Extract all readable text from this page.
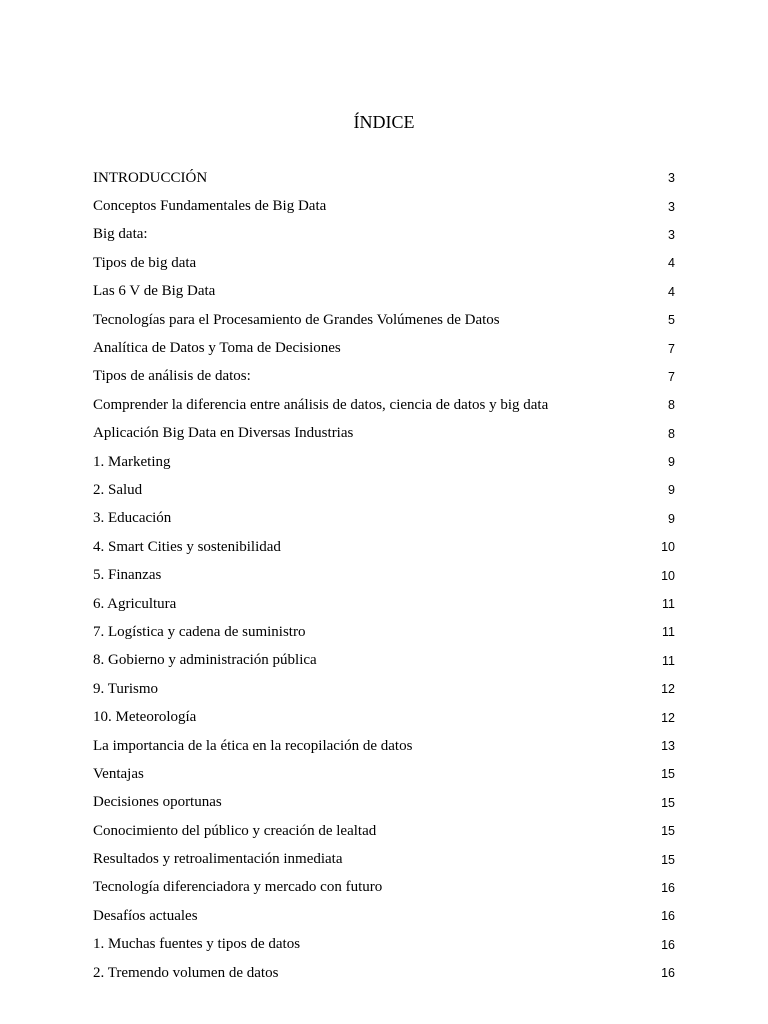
ÍNDICE
INTRODUCCIÓN	3
Conceptos Fundamentales de Big Data	3
Big data:	3
Tipos de big data	4
Las 6 V de Big Data	4
Tecnologías para el Procesamiento de Grandes Volúmenes de Datos	5
Analítica de Datos y Toma de Decisiones	7
Tipos de análisis de datos:	7
Comprender la diferencia entre análisis de datos, ciencia de datos y big data	8
Aplicación Big Data en Diversas Industrias	8
1. Marketing	9
2. Salud	9
3. Educación	9
4. Smart Cities y sostenibilidad	10
5. Finanzas	10
6. Agricultura	11
7. Logística y cadena de suministro	11
8. Gobierno y administración pública	11
9. Turismo	12
10. Meteorología	12
La importancia de la ética en la recopilación de datos	13
Ventajas	15
Decisiones oportunas	15
Conocimiento del público y creación de lealtad	15
Resultados y retroalimentación inmediata	15
Tecnología diferenciadora y mercado con futuro	16
Desafíos actuales	16
1. Muchas fuentes y tipos de datos	16
2. Tremendo volumen de datos	16
